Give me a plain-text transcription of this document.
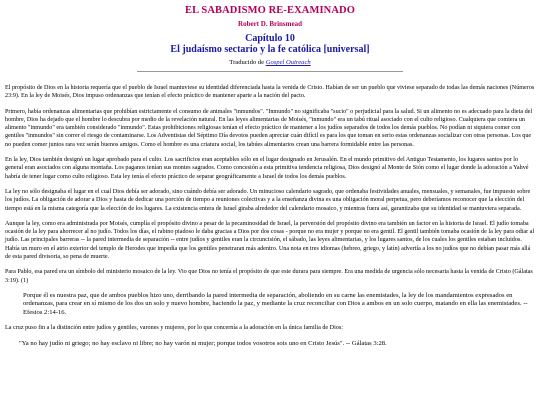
EL SABADISMO RE-EXAMINADO
Robert D. Brinsmead
Capítulo 10
El judaísmo sectario y la fe católica [universal]
Traducido de Gospel Outreach

El propósito de Dios en la historia requería que el pueblo de Israel mantuviese su identidad diferenciada hasta la venida de Cristo. Habían de ser un pueblo que viviese separado de todas las demás naciones (Números 23:9). En la ley de Moisés, Dios impuso ordenanzas que tenían el efecto práctico de mantener aparte a la nación del pacto.

Primero, había ordenanzas alimentarias que prohibían estrictamente el consumo de animales "inmundos". "Inmundo" no significaba "sucio" o perjudicial para la salud. Si un alimento no es adecuado para la dieta del hombre, Dios ha dejado que el hombre lo descubra por medio de la revelación natural. En las leyes alimentarias de Moisés, "inmundo" era un tabú ritual asociado con el culto religioso. Cualquiera que comiera un alimento "inmundo" era también considerado "inmundo". Estas prohibiciones religiosas tenían el efecto práctico de mantener a los judíos separados de todos los demás pueblos. No podían ni siquiera comer con gentiles "inmundos" sin correr el riesgo de contaminarse. Los Adventistas del Séptimo Día devotos pueden apreciar cuán difícil es para los que toman en serio estas ordenanzas socializar con otras personas. Los que no pueden comer juntos rara vez serán buenos amigos. Como el hombre es una criatura social, los tabúes alimentarios crean una barrera formidable entre las personas.

En la ley, Dios también designó un lugar aprobado para el culto. Los sacrificios eran aceptables sólo en el lugar designado en Jerusalén. En el mundo primitivo del Antiguo Testamento, los lugares santos por lo general eran asociados con alguna montaña. Los paganos tenían sus montes sagrados. Como concesión a esta primitiva tendencia religiosa, Dios designó al Monte de Sión como el lugar donde la adoración a Yahvé habría de tener lugar como culto religioso. Esta ley tenía el efecto práctico de separar geográficamente a Israel de todos los demás pueblos.

La ley no sólo designaba el lugar en el cual Dios debía ser adorado, sino cuándo debía ser adorado. Un minucioso calendario sagrado, que ordenaba festividades anuales, mensuales, y semanales, fue impuesto sobre los judíos. La obligación de adorar a Dios y hasta de dedicar una porción de tiempo a reuniones colectivas y a la enseñanza divina es una obligación moral perpetua, pero deberíamos reconocer que la elección del tiempo está en la misma categoría que la elección de los lugares. La existencia entera de Israel giraba alrededor del calendario mosaico, y mientras fuera así, garantizaba que su identidad se mantuviera separada.

Aunque la ley, como era administrada por Moisés, cumplía el propósito divino a pesar de la pecaminosidad de Israel, la perversión del propósito divino era también un factor en la historia de Israel. El judío tomaba ocasión de la ley para ahorrecer al no judío. Todos los días, el rabino piadoso le daba gracias a Dios por dos cosas - porque no era mujer y porque no era gentil. El gentil también tomaba ocasión de la ley para odiar al judío. Las principales barreras -- la pared intermedia de separación -- entre judíos y gentiles eran la circuncisión, el sábado, las leyes alimentarias, y los lugares santos, de los cuales los gentiles estaban incluidos. Había un muro en el atrio exterior del templo de Herodes que impedía que los gentiles penetraran más adentro. Una nota en tres idiomas (hebreo, griego, y latín) advertía a los no judíos que no debían pasar más allá de esta pared divisoria, so pena de muerte.

Para Pablo, esa pared era un símbolo del ministerio mosaico de la ley. Vio que Dios no tenía el propósito de que este durara para siempre. Era una medida de urgencia sólo necesaria hasta la venida de Cristo (Gálatas 3:19). (1)

Porque él es nuestra paz, que de ambos pueblos hizo uno, derribando la pared intermedia de separación, aboliendo en su carne las enemistades, la ley de los mandamientos expresados en ordenanzas, para crear en sí mismo de los dos un solo y nuevo hombre, haciendo la paz, y mediante la cruz reconciliar con Dios a ambos en un solo cuerpo, matando en ella las enemistades. -- Efesios 2:14-16.

La cruz puso fin a la distinción entre judíos y gentiles, varones y mujeres, por lo que concernía a la adoración en la única familia de Dios:

"Ya no hay judío ni griego; no hay esclavo ni libre; no hay varón ni mujer; porque todos vosotros sois uno en Cristo Jesús". -- Gálatas 3:28.
